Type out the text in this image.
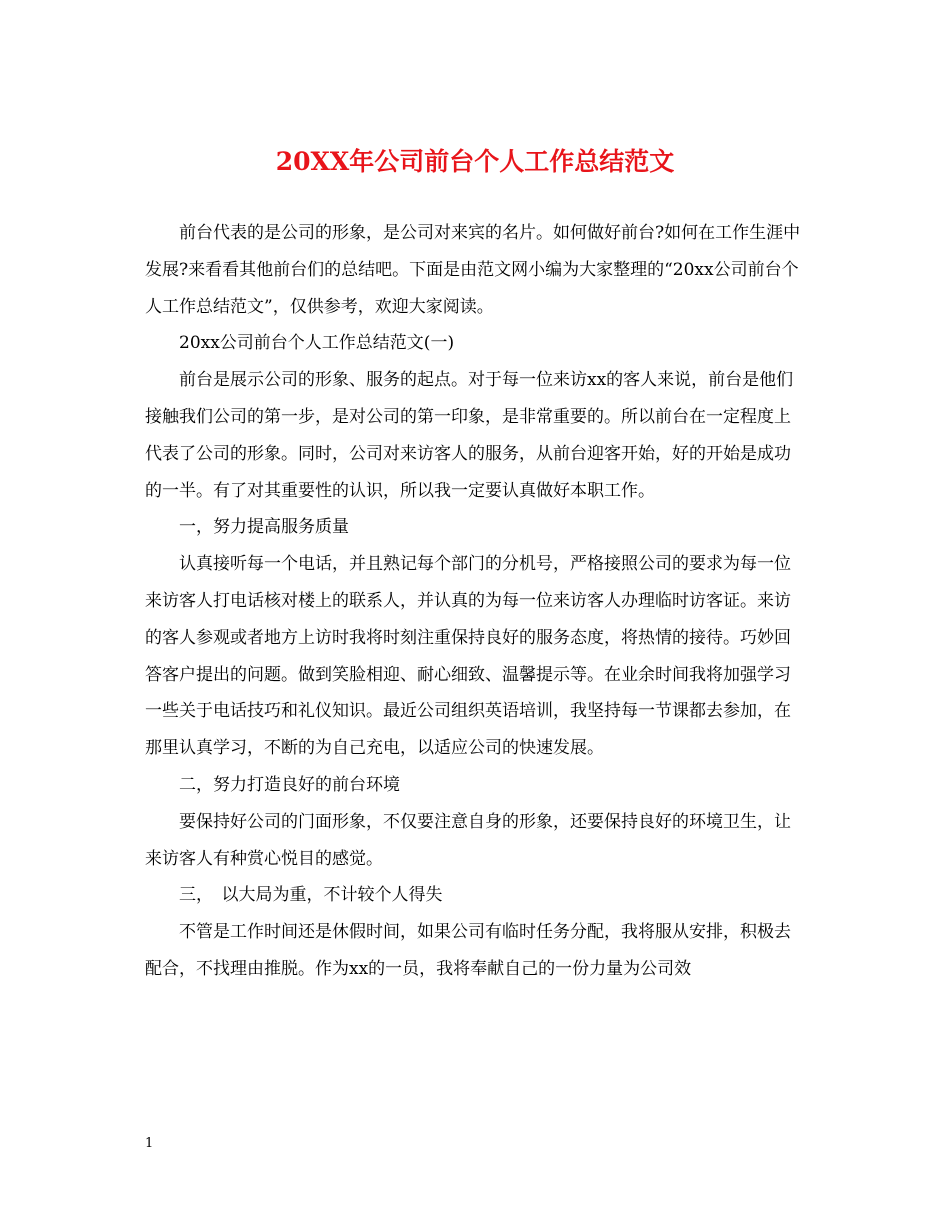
20XX年公司前台个人工作总结范文

前台代表的是公司的形象，是公司对来宾的名片。如何做好前台?如何在工作生涯中发展?来看看其他前台们的总结吧。下面是由范文网小编为大家整理的“20xx公司前台个人工作总结范文”，仅供参考，欢迎大家阅读。

20xx公司前台个人工作总结范文(一)

前台是展示公司的形象、服务的起点。对于每一位来访xx的客人来说，前台是他们接触我们公司的第一步，是对公司的第一印象，是非常重要的。所以前台在一定程度上代表了公司的形象。同时，公司对来访客人的服务，从前台迎客开始，好的开始是成功的一半。有了对其重要性的认识，所以我一定要认真做好本职工作。

一，努力提高服务质量

认真接听每一个电话，并且熟记每个部门的分机号，严格接照公司的要求为每一位来访客人打电话核对楼上的联系人，并认真的为每一位来访客人办理临时访客证。来访的客人参观或者地方上访时我将时刻注重保持良好的服务态度，将热情的接待。巧妙回答客户提出的问题。做到笑脸相迎、耐心细致、温馨提示等。在业余时间我将加强学习一些关于电话技巧和礼仪知识。最近公司组织英语培训，我坚持每一节课都去参加，在那里认真学习，不断的为自己充电，以适应公司的快速发展。

二，努力打造良好的前台环境

要保持好公司的门面形象，不仅要注意自身的形象，还要保持良好的环境卫生，让来访客人有种赏心悦目的感觉。

三，　以大局为重，不计较个人得失

不管是工作时间还是休假时间，如果公司有临时任务分配，我将服从安排，积极去配合，不找理由推脱。作为xx的一员，我将奉献自己的一份力量为公司效

1
